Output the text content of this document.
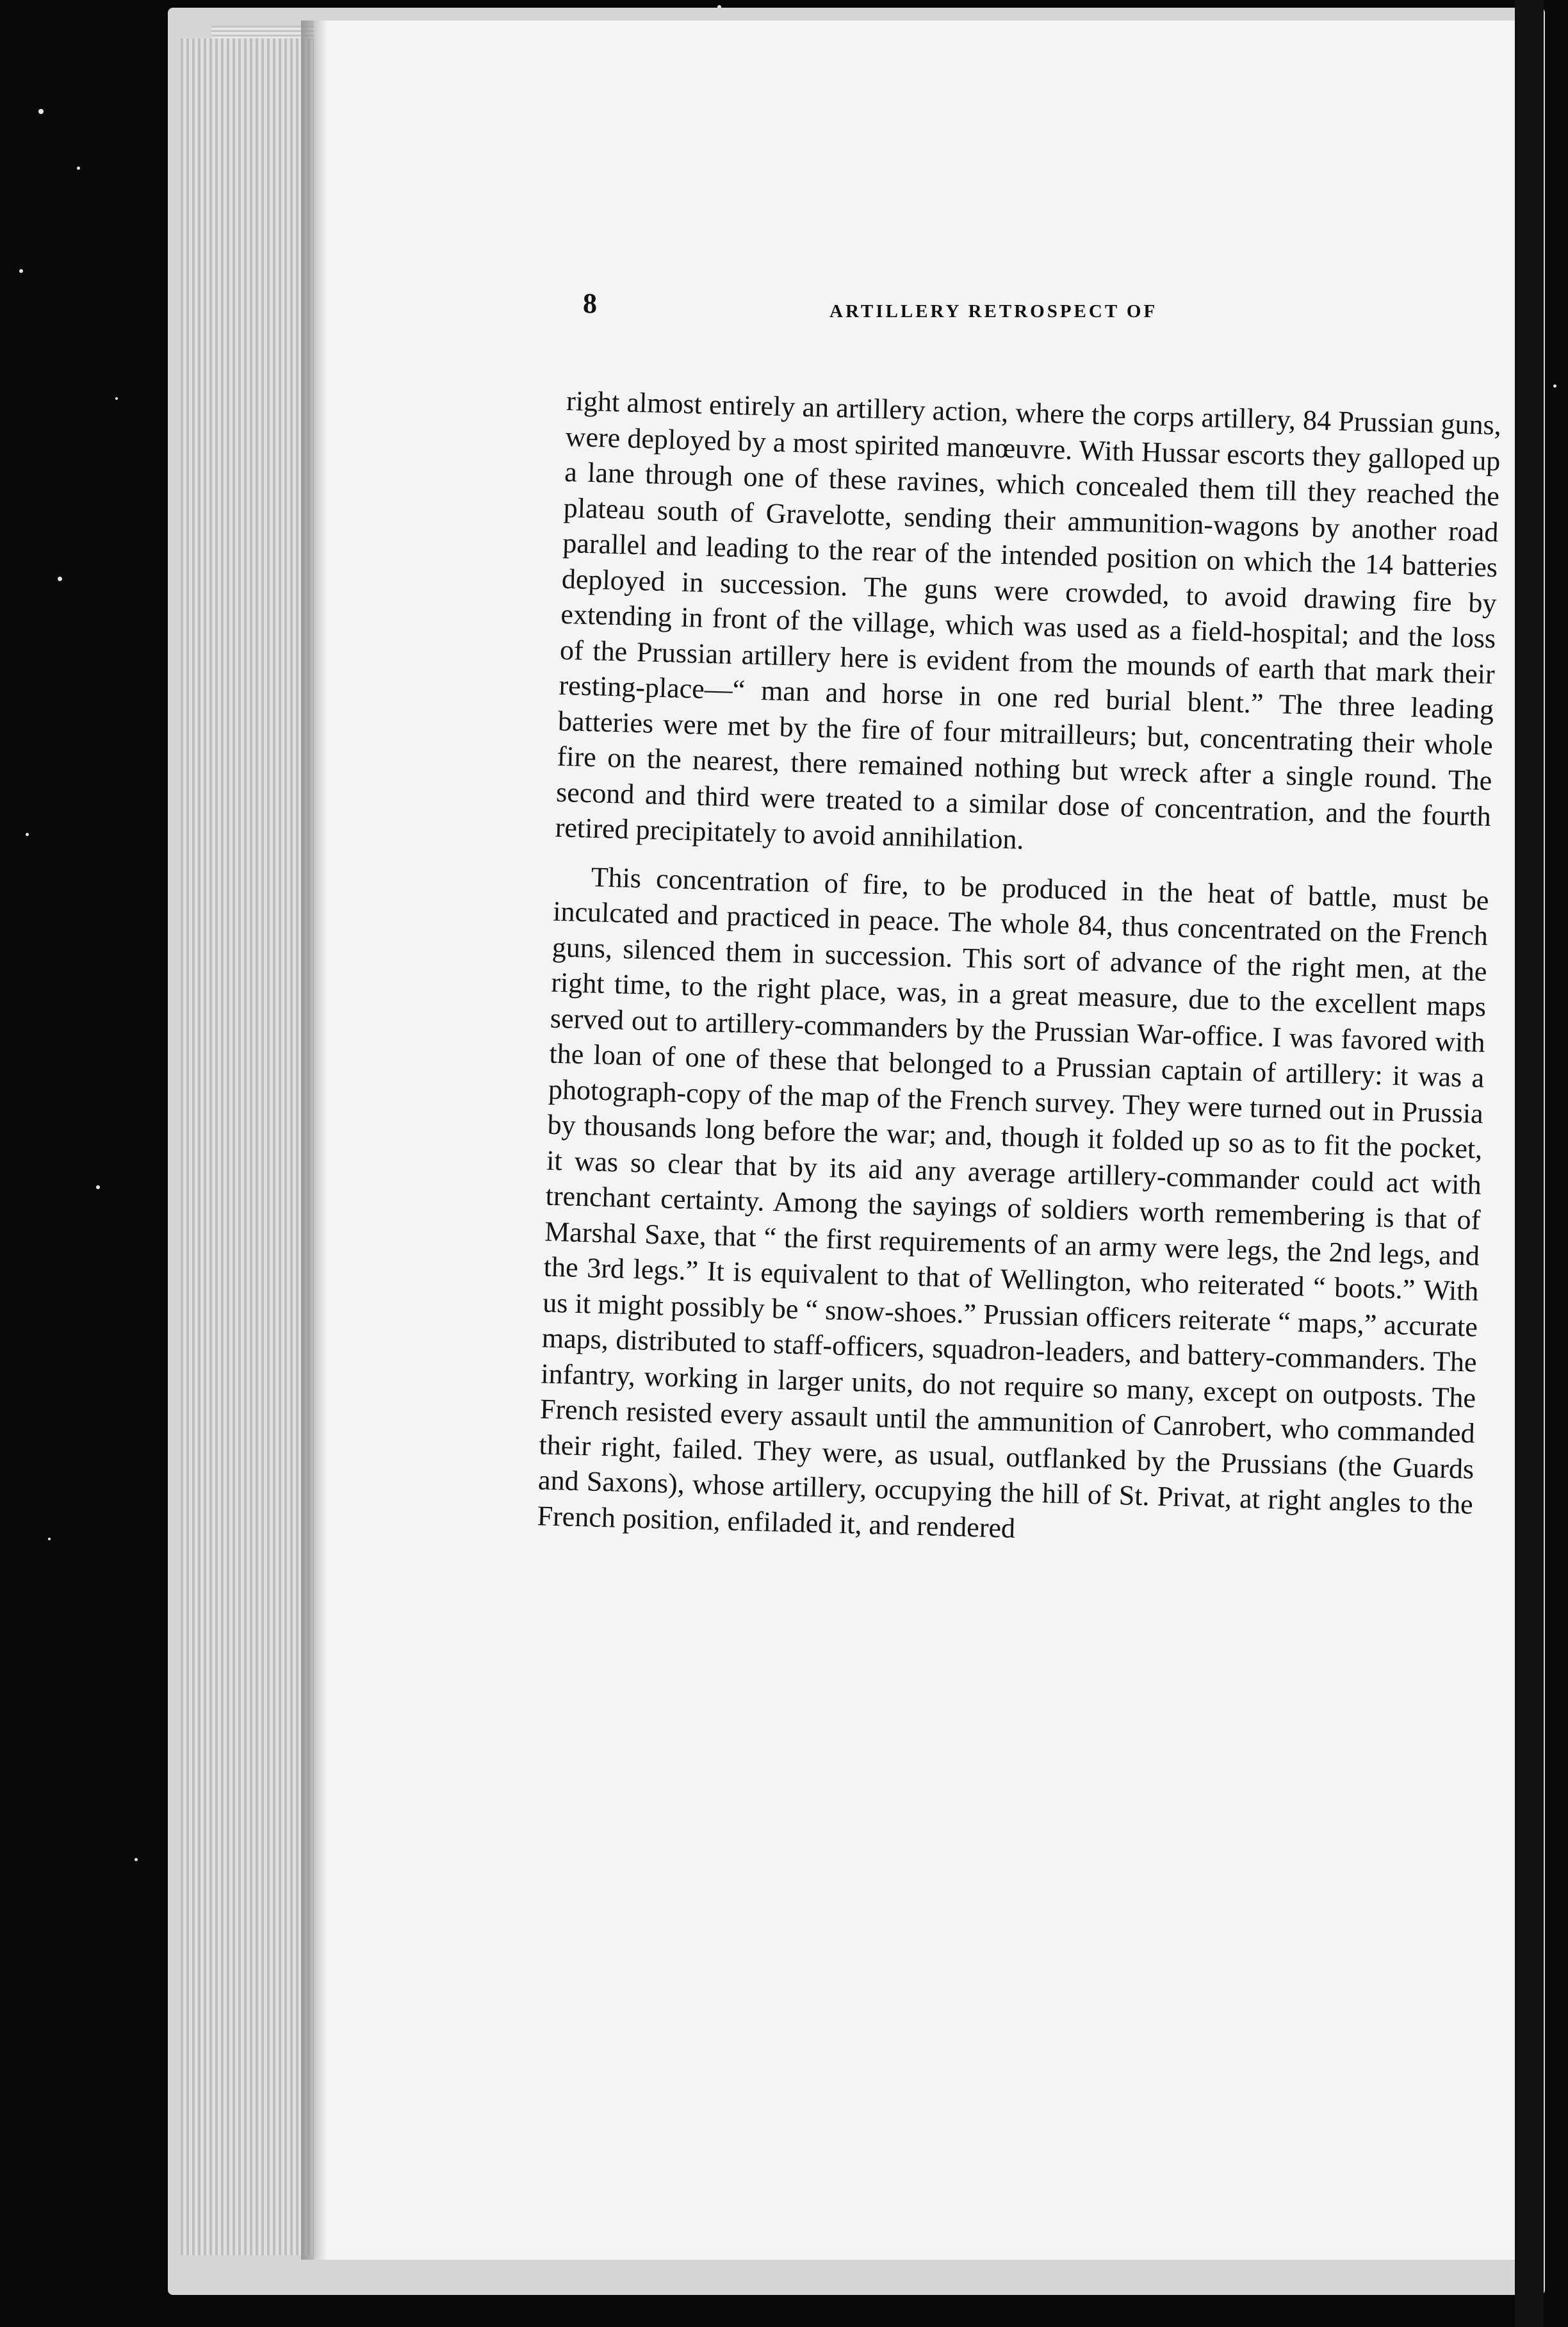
8	ARTILLERY RETROSPECT OF

right almost entirely an artillery action, where the corps artillery, 84 Prussian guns, were deployed by a most spirited manœuvre. With Hussar escorts they galloped up a lane through one of these ravines, which concealed them till they reached the plateau south of Gravelotte, sending their ammunition-wagons by another road parallel and leading to the rear of the intended position on which the 14 batteries deployed in succession. The guns were crowded, to avoid drawing fire by extending in front of the village, which was used as a field-hospital; and the loss of the Prussian artillery here is evident from the mounds of earth that mark their resting-place—“ man and horse in one red burial blent.” The three leading batteries were met by the fire of four mitrailleurs; but, concentrating their whole fire on the nearest, there remained nothing but wreck after a single round. The second and third were treated to a similar dose of concentration, and the fourth retired precipitately to avoid annihilation.

This concentration of fire, to be produced in the heat of battle, must be inculcated and practiced in peace. The whole 84, thus concentrated on the French guns, silenced them in succession. This sort of advance of the right men, at the right time, to the right place, was, in a great measure, due to the excellent maps served out to artillery-commanders by the Prussian War-office. I was favored with the loan of one of these that belonged to a Prussian captain of artillery: it was a photograph-copy of the map of the French survey. They were turned out in Prussia by thousands long before the war; and, though it folded up so as to fit the pocket, it was so clear that by its aid any average artillery-commander could act with trenchant certainty. Among the sayings of soldiers worth remembering is that of Marshal Saxe, that “ the first requirements of an army were legs, the 2nd legs, and the 3rd legs.” It is equivalent to that of Wellington, who reiterated “ boots.” With us it might possibly be “ snow-shoes.” Prussian officers reiterate “ maps,” accurate maps, distributed to staff-officers, squadron-leaders, and battery-commanders. The infantry, working in larger units, do not require so many, except on outposts. The French resisted every assault until the ammunition of Canrobert, who commanded their right, failed. They were, as usual, outflanked by the Prussians (the Guards and Saxons), whose artillery, occupying the hill of St. Privat, at right angles to the French position, enfiladed it, and rendered
